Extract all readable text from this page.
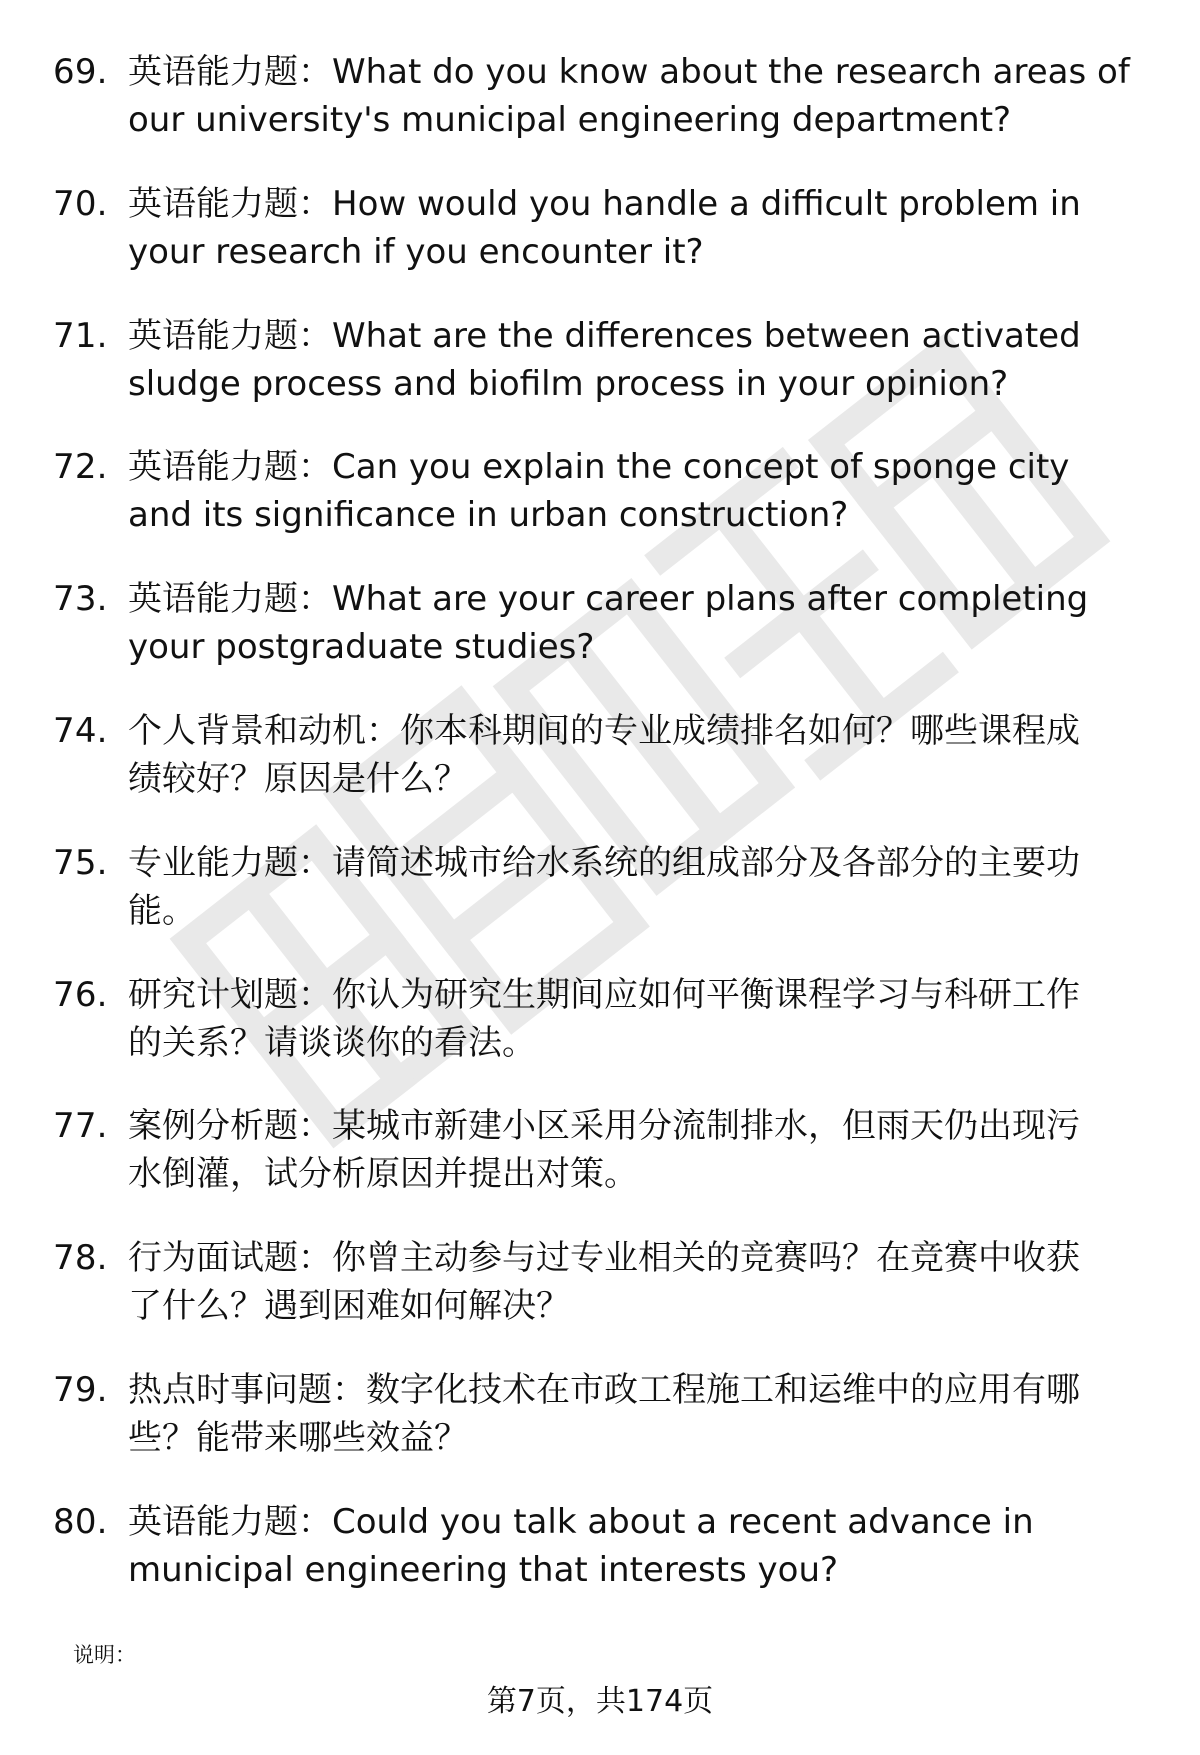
69. 英语能力题：What do you know about the research areas of
our university's municipal engineering department?
70. 英语能力题：How would you handle a difficult problem in
your research if you encounter it?
71. 英语能力题：What are the differences between activated
sludge process and biofilm process in your opinion?
72. 英语能力题：Can you explain the concept of sponge city
and its significance in urban construction?
73. 英语能力题：What are your career plans after completing
your postgraduate studies?
74. 个人背景和动机：你本科期间的专业成绩排名如何？哪些课程成
绩较好？原因是什么？
75. 专业能力题：请简述城市给水系统的组成部分及各部分的主要功
能。
76. 研究计划题：你认为研究生期间应如何平衡课程学习与科研工作
的关系？请谈谈你的看法。
77. 案例分析题：某城市新建小区采用分流制排水，但雨天仍出现污
水倒灌，试分析原因并提出对策。
78. 行为面试题：你曾主动参与过专业相关的竞赛吗？在竞赛中收获
了什么？遇到困难如何解决？
79. 热点时事问题：数字化技术在市政工程施工和运维中的应用有哪
些？能带来哪些效益？
80. 英语能力题：Could you talk about a recent advance in
municipal engineering that interests you?
说明：
第7页，共174页
